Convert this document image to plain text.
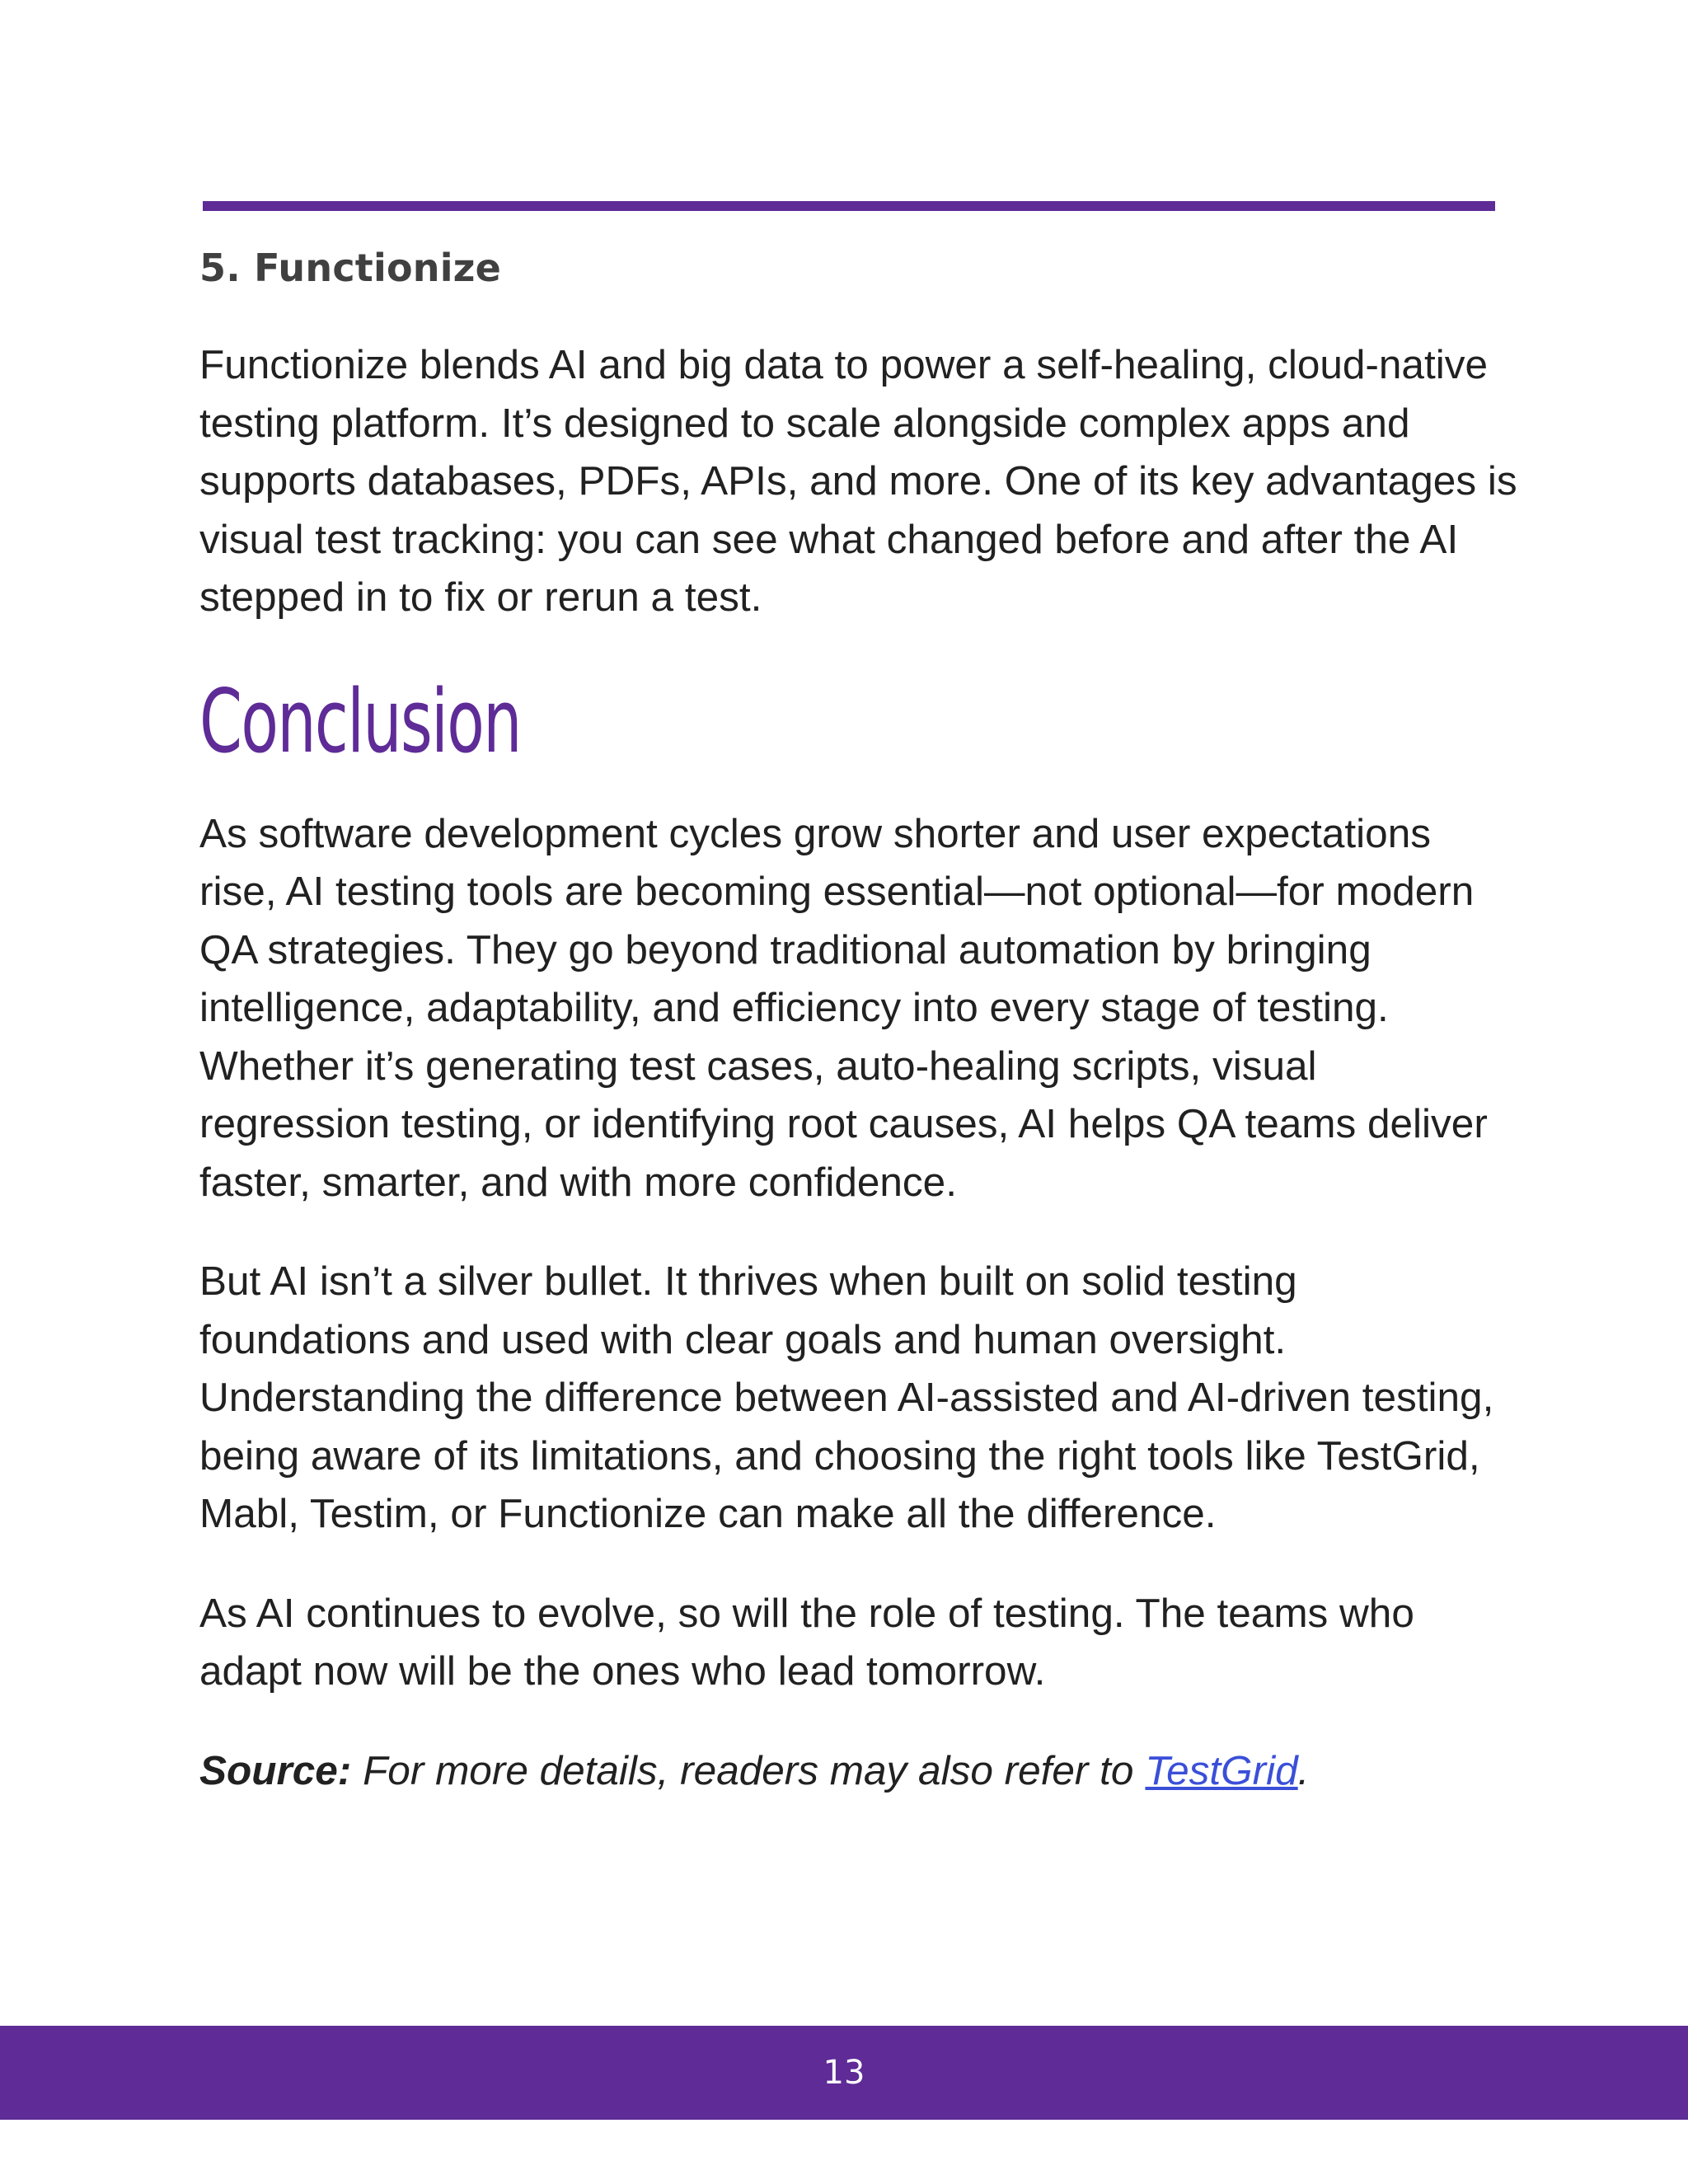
5. Functionize

Functionize blends AI and big data to power a self-healing, cloud-native testing platform. It’s designed to scale alongside complex apps and supports databases, PDFs, APIs, and more. One of its key advantages is visual test tracking: you can see what changed before and after the AI stepped in to fix or rerun a test.

Conclusion

As software development cycles grow shorter and user expectations rise, AI testing tools are becoming essential—not optional—for modern QA strategies. They go beyond traditional automation by bringing intelligence, adaptability, and efficiency into every stage of testing. Whether it’s generating test cases, auto-healing scripts, visual regression testing, or identifying root causes, AI helps QA teams deliver faster, smarter, and with more confidence.

But AI isn’t a silver bullet. It thrives when built on solid testing foundations and used with clear goals and human oversight. Understanding the difference between AI-assisted and AI-driven testing, being aware of its limitations, and choosing the right tools like TestGrid, Mabl, Testim, or Functionize can make all the difference.

As AI continues to evolve, so will the role of testing. The teams who adapt now will be the ones who lead tomorrow.

Source: For more details, readers may also refer to TestGrid.

13
